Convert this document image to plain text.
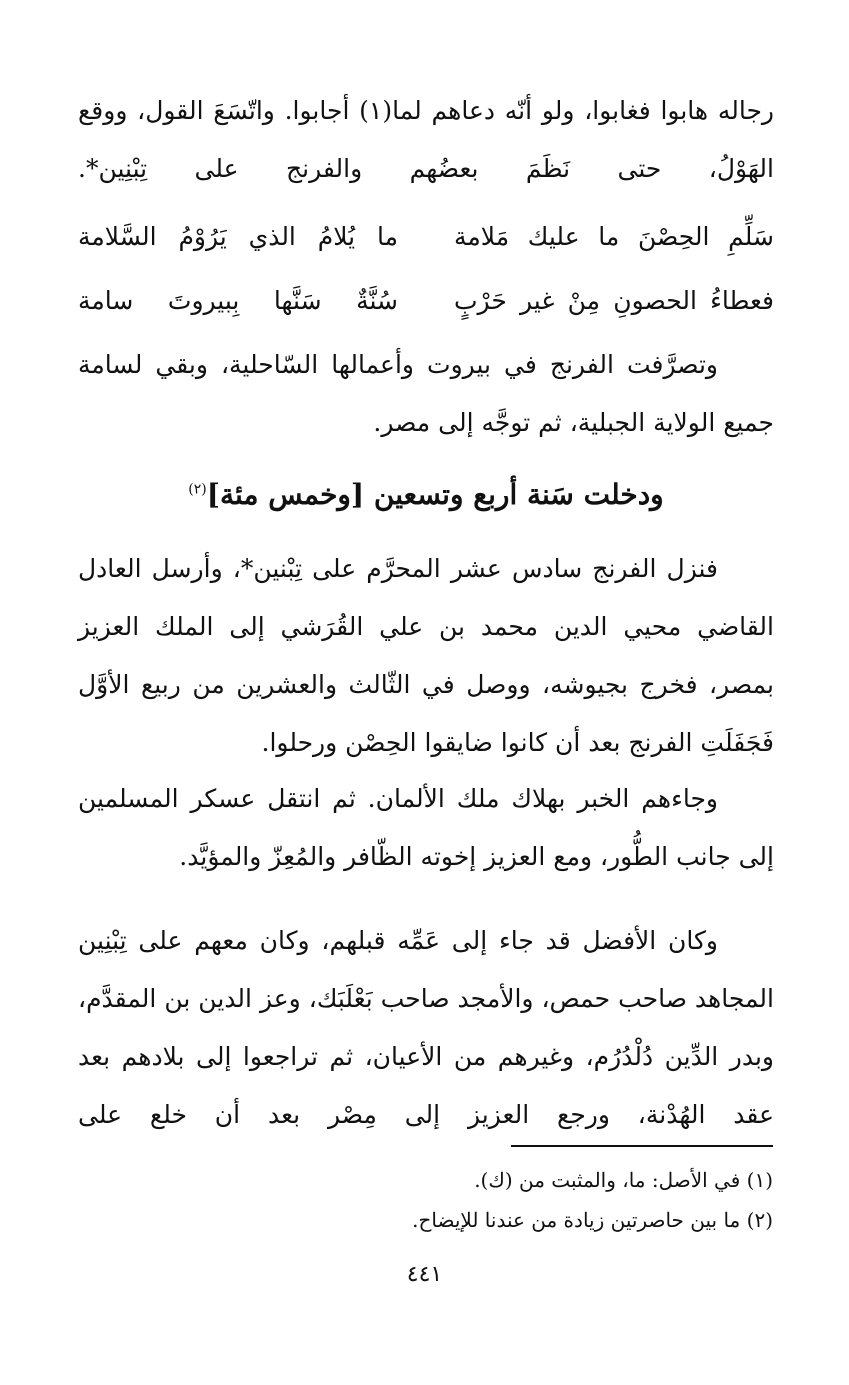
رجاله هابوا فغابوا، ولو أنّه دعاهم لما(١) أجابوا. واتّسَعَ القول، ووقع الهَوْلُ، حتى نَظَمَ بعضُهم والفرنج على تِبْنِين*.
سَلِّمِ الحِصْنَ ما عليك مَلامة
ما يُلامُ الذي يَرُوْمُ السَّلامة
فعطاءُ الحصونِ مِنْ غير حَرْبٍ
سُنَّةٌ سَنَّها بِبيروتَ سامة
وتصرَّفت الفرنج في بيروت وأعمالها السّاحلية، وبقي لسامة جميع الولاية الجبلية، ثم توجَّه إلى مصر.
ودخلت سَنة أربع وتسعين [وخمس مئة]$^{(٢)}$
فنزل الفرنج سادس عشر المحرَّم على تِبْنين*، وأرسل العادل القاضي محيي الدين محمد بن علي القُرَشي إلى الملك العزيز بمصر، فخرج بجيوشه، ووصل في الثّالث والعشرين من ربيع الأوَّل فَجَفَلَتِ الفرنج بعد أن كانوا ضايقوا الحِصْن ورحلوا.
وجاءهم الخبر بهلاك ملك الألمان. ثم انتقل عسكر المسلمين إلى جانب الطُّور، ومع العزيز إخوته الظّافر والمُعِزّ والمؤيَّد.
وكان الأفضل قد جاء إلى عَمِّه قبلهم، وكان معهم على تِبْنِين المجاهد صاحب حمص، والأمجد صاحب بَعْلَبَك، وعز الدين بن المقدَّم، وبدر الدِّين دُلْدُرُم، وغيرهم من الأعيان، ثم تراجعوا إلى بلادهم بعد عقد الهُدْنة، ورجع العزيز إلى مِصْر بعد أن خلع على
(١) في الأصل: ما، والمثبت من (ك).
(٢) ما بين حاصرتين زيادة من عندنا للإيضاح.
٤٤١
